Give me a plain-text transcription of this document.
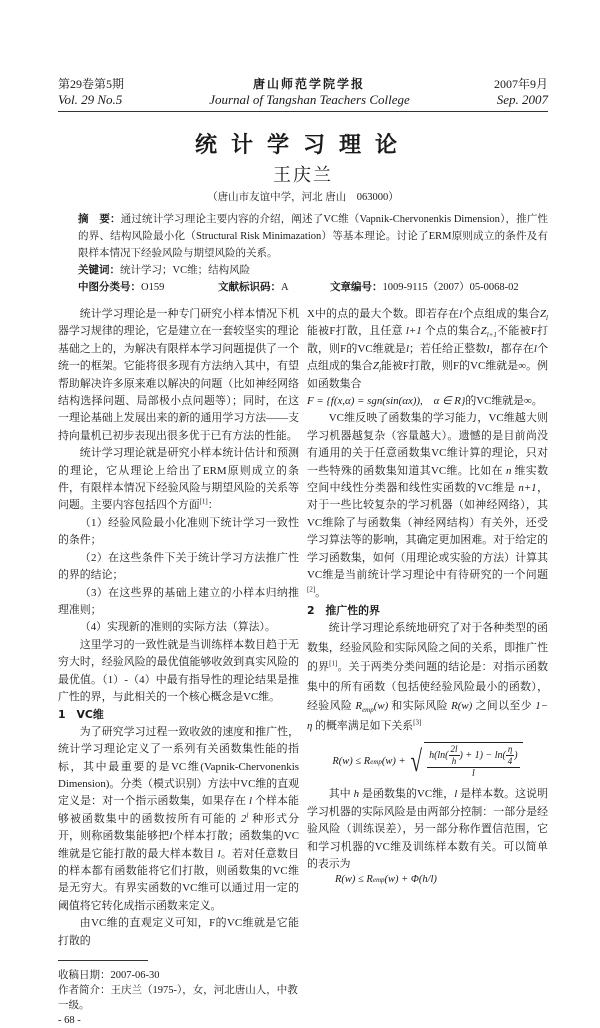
第29卷第5期	唐山师范学院学报	2007年9月
Vol. 29 No.5	Journal of Tangshan Teachers College	Sep. 2007
统计学习理论
王庆兰
（唐山市友谊中学，河北 唐山　063000）
摘　要：通过统计学习理论主要内容的介绍，阐述了VC维（Vapnik-Chervonenkis Dimension），推广性的界、结构风险最小化（Structural Risk Minimazation）等基本理论。讨论了ERM原则成立的条件及有限样本情况下经验风险与期望风险的关系。
关键词：统计学习；VC维；结构风险
中图分类号：O159	文献标识码：A	文章编号：1009-9115（2007）05-0068-02

统计学习理论是一种专门研究小样本情况下机器学习规律的理论，它是建立在一套较坚实的理论基础之上的，为解决有限样本学习问题提供了一个统一的框架。它能将很多现有方法纳入其中，有望帮助解决许多原来难以解决的问题（比如神经网络结构选择问题、局部极小点问题等）；同时，在这一理论基础上发展出来的新的通用学习方法——支持向量机已初步表现出很多优于已有方法的性能。

统计学习理论就是研究小样本统计估计和预测的理论，它从理论上给出了ERM原则成立的条件，有限样本情况下经验风险与期望风险的关系等问题。主要内容包括四个方面[1]：

（1）经验风险最小化准则下统计学习一致性的条件；

（2）在这些条件下关于统计学习方法推广性的界的结论；

（3）在这些界的基础上建立的小样本归纳推理准则；

（4）实现新的准则的实际方法（算法）。

这里学习的一致性就是当训练样本数目趋于无穷大时，经验风险的最优值能够收敛到真实风险的最优值。（1）-（4）中最有指导性的理论结果是推广性的界，与此相关的一个核心概念是VC维。

1　VC维

为了研究学习过程一致收敛的速度和推广性，统计学习理论定义了一系列有关函数集性能的指标，其中最重要的是VC维(Vapnik-Chervonenkis Dimension)。分类（模式识别）方法中VC维的直观定义是：对一个指示函数集，如果存在 l 个样本能够被函数集中的函数按所有可能的 2$^l$ 种形式分开，则称函数集能够把l个样本打散；函数集的VC维就是它能打散的最大样本数目 l。若对任意数目的样本都有函数能将它们打散，则函数集的VC维是无穷大。有界实函数的VC维可以通过用一定的阈值将它转化成指示函数来定义。

由VC维的直观定义可知，F的VC维就是它能打散的

收稿日期：2007-06-30
作者简介：王庆兰（1975-），女，河北唐山人，中教一级。
- 68 -

X中的点的最大个数。即若存在l个点组成的集合$Z_l$能被F打散，且任意 l+1 个点的集合$Z_{l+1}$不能被F打散，则F的VC维就是l；若任给正整数l，都存在l个点组成的集合$Z_l$能被F打散，则F的VC维就是∞。例如函数集合
F = {f(x,α) = sgn(sin(αx)),　α ∈ R}的VC维就是∞。

VC维反映了函数集的学习能力，VC维越大则学习机器越复杂（容量越大）。遗憾的是目前尚没有通用的关于任意函数集VC维计算的理论，只对一些特殊的函数集知道其VC维。比如在 n 维实数空间中线性分类器和线性实函数的VC维是 n+1，对于一些比较复杂的学习机器（如神经网络），其VC维除了与函数集（神经网结构）有关外，还受学习算法等的影响，其确定更加困难。对于给定的学习函数集，如何（用理论或实验的方法）计算其VC维是当前统计学习理论中有待研究的一个问题[2]。

2　推广性的界

统计学习理论系统地研究了对于各种类型的函数集，经验风险和实际风险之间的关系，即推广性的界[1]。关于两类分类问题的结论是：对指示函数集中的所有函数（包括使经验风险最小的函数），经验风险 $R_{emp}(w)$ 和实际风险 R(w) 之间以至少 1− η 的概率满足如下关系[3]

R(w) ≤ R emp (w) + √ $h(\ln( \frac{2l}{h}$ ) + $1) - \ln( \frac{\eta}{4}$ )
l

其中 h 是函数集的VC维，l 是样本数。这说明学习机器的实际风险是由两部分控制：一部分是经验风险（训练误差），另一部分称作置信范围，它和学习机器的VC维及训练样本数有关。可以简单的表示为

R(w) ≤ R emp (w) + Φ(h/l)
